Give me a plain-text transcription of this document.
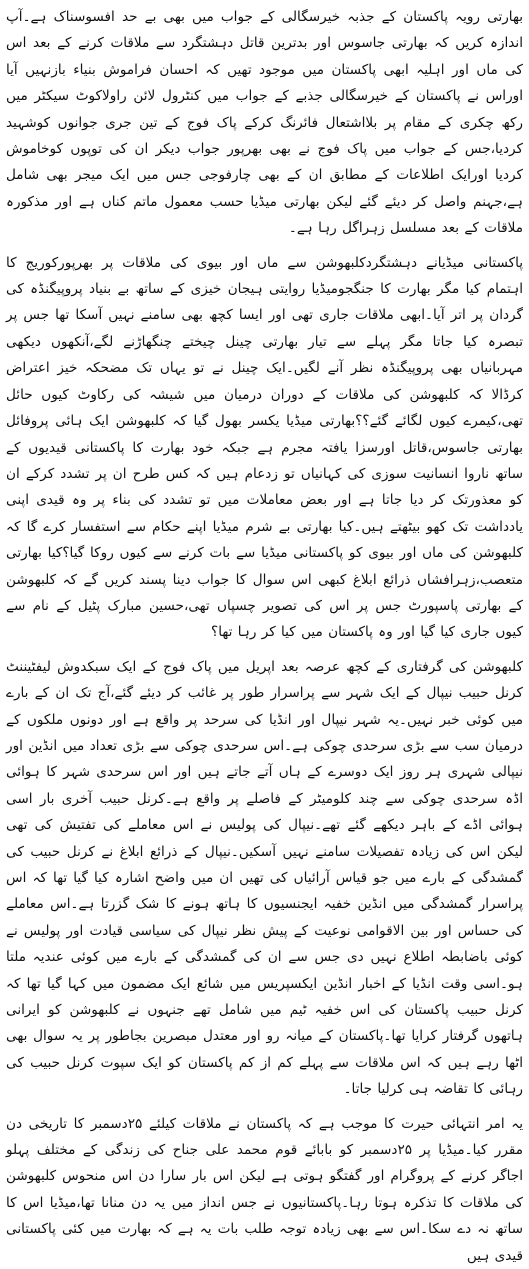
بھارتی رویہ پاکستان کے جذبہ خیرسگالی کے جواب میں بھی بے حد افسوسناک ہے۔آپ اندازہ کریں کہ بھارتی جاسوس اور بدترین قاتل دہشتگرد سے ملاقات کرنے کے بعد اس کی ماں اور اہلیہ ابھی پاکستان میں موجود تھیں کہ احسان فراموش بنیاء بازنہیں آیا اوراس نے پاکستان کے خیرسگالی جذبے کے جواب میں کنٹرول لائن راولاکوٹ سیکٹر میں رکھ چکری کے مقام پر بلااشتعال فائرنگ کرکے پاک فوج کے تین جری جوانوں کوشہید کردیا،جس کے جواب میں پاک فوج نے بھی بھرپور جواب دیکر ان کی توپوں کوخاموش کردیا اورایک اطلاعات کے مطابق ان کے بھی چارفوجی جس میں ایک میجر بھی شامل ہے،جہنم واصل کر دیئے گئے لیکن بھارتی میڈیا حسب معمول ماتم کناں ہے اور مذکورہ ملاقات کے بعد مسلسل زہراگل رہا ہے۔

پاکستانی میڈیانے دہشتگردکلبھوشن سے ماں اور بیوی کی ملاقات پر بھرپورکوریج کا اہتمام کیا مگر بھارت کا جنگجومیڈیا روایتی ہیجان خیزی کے ساتھ بے بنیاد پروپیگنڈہ کی گردان پر اتر آیا۔ابھی ملاقات جاری تھی اور ایسا کچھ بھی سامنے نہیں آسکا تھا جس پر تبصرہ کیا جاتا مگر پہلے سے تیار بھارتی چینل چیختے چنگھاڑنے لگے،آنکھوں دیکھی مہربانیاں بھی پروپیگنڈہ نظر آنے لگیں۔ایک چینل نے تو یہاں تک مضحکہ خیز اعتراض کرڈالا کہ کلبھوشن کی ملاقات کے دوران درمیان میں شیشہ کی رکاوٹ کیوں حائل تھی،کیمرے کیوں لگائے گئے؟؟بھارتی میڈیا یکسر بھول گیا کہ کلبھوشن ایک ہائی پروفائل بھارتی جاسوس،قاتل اورسزا یافتہ مجرم ہے جبکہ خود بھارت کا پاکستانی قیدیوں کے ساتھ ناروا انسانیت سوزی کی کہانیاں تو زدعام ہیں کہ کس طرح ان پر تشدد کرکے ان کو معذورتک کر دیا جاتا ہے اور بعض معاملات میں تو تشدد کی بناء پر وہ قیدی اپنی یادداشت تک کھو بیٹھتے ہیں۔کیا بھارتی بے شرم میڈیا اپنے حکام سے استفسار کرے گا کہ کلبھوشن کی ماں اور بیوی کو پاکستانی میڈیا سے بات کرنے سے کیوں روکا گیا؟کیا بھارتی متعصب،زہرافشاں ذرائع ابلاغ کبھی اس سوال کا جواب دینا پسند کریں گے کہ کلبھوشن کے بھارتی پاسپورٹ جس پر اس کی تصویر چسپاں تھی،حسین مبارک پٹیل کے نام سے کیوں جاری کیا گیا اور وہ پاکستان میں کیا کر رہا تھا؟

کلبھوشن کی گرفتاری کے کچھ عرصہ بعد اپریل میں پاک فوج کے ایک سبکدوش لیفٹیننٹ کرنل حبیب نیپال کے ایک شہر سے پراسرار طور پر غائب کر دیئے گئے،آج تک ان کے بارے میں کوئی خبر نہیں۔یہ شہر نیپال اور انڈیا کی سرحد پر واقع ہے اور دونوں ملکوں کے درمیان سب سے بڑی سرحدی چوکی ہے۔اس سرحدی چوکی سے بڑی تعداد میں انڈین اور نیپالی شہری ہر روز ایک دوسرے کے ہاں آتے جاتے ہیں اور اس سرحدی شہر کا ہوائی اڈہ سرحدی چوکی سے چند کلومیٹر کے فاصلے پر واقع ہے۔کرنل حبیب آخری بار اسی ہوائی اڈے کے باہر دیکھے گئے تھے۔نیپال کی پولیس نے اس معاملے کی تفتیش کی تھی لیکن اس کی زیادہ تفصیلات سامنے نہیں آسکیں۔نیپال کے ذرائع ابلاغ نے کرنل حبیب کی گمشدگی کے بارے میں جو قیاس آرائیاں کی تھیں ان میں واضح اشارہ کیا گیا تھا کہ اس پراسرار گمشدگی میں انڈین خفیہ ایجنسیوں کا ہاتھ ہونے کا شک گزرتا ہے۔اس معاملے کی حساس اور بین الاقوامی نوعیت کے پیش نظر نیپال کی سیاسی قیادت اور پولیس نے کوئی باضابطہ اطلاع نہیں دی جس سے ان کی گمشدگی کے بارے میں کوئی عندیہ ملتا ہو۔اسی وقت انڈیا کے اخبار انڈین ایکسپریس میں شائع ایک مضمون میں کہا گیا تھا کہ کرنل حبیب پاکستان کی اس خفیہ ٹیم میں شامل تھے جنہوں نے کلبھوشن کو ایرانی ہاتھوں گرفتار کرایا تھا۔پاکستان کے میانہ رو اور معتدل مبصرین بجاطور پر یہ سوال بھی اٹھا رہے ہیں کہ اس ملاقات سے پہلے کم از کم پاکستان کو ایک سپوت کرنل حبیب کی رہائی کا تقاضہ ہی کرلیا جاتا۔

یہ امر انتہائی حیرت کا موجب ہے کہ پاکستان نے ملاقات کیلئے ۲۵دسمبر کا تاریخی دن مقرر کیا۔میڈیا پر ۲۵دسمبر کو بابائے قوم محمد علی جناح کی زندگی کے مختلف پہلو اجاگر کرنے کے پروگرام اور گفتگو ہوتی ہے لیکن اس بار سارا دن اس منحوس کلبھوشن کی ملاقات کا تذکرہ ہوتا رہا۔پاکستانیوں نے جس انداز میں یہ دن منانا تھا،میڈیا اس کا ساتھ نہ دے سکا۔اس سے بھی زیادہ توجہ طلب بات یہ ہے کہ بھارت میں کئی پاکستانی قیدی ہیں
